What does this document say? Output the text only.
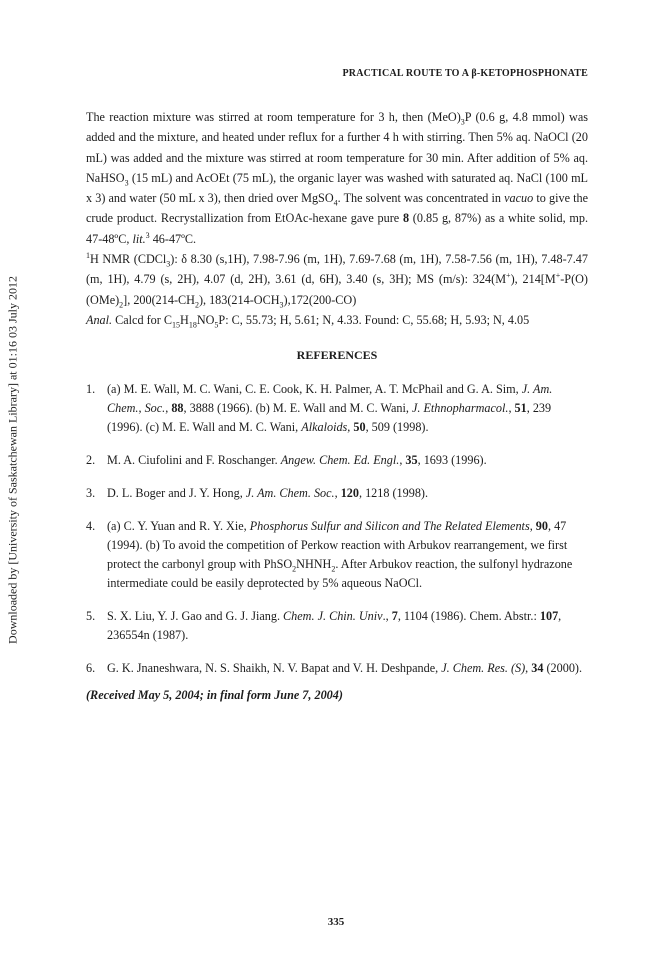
Downloaded by [University of Saskatchewan Library] at 01:16 03 July 2012
PRACTICAL ROUTE TO A β-KETOPHOSPHONATE

The reaction mixture was stirred at room temperature for 3 h, then $(MeO)_3P$ (0.6 g, 4.8 mmol) was added and the mixture, and heated under reflux for a further 4 h with stirring. Then 5% aq. NaOCl (20 mL) was added and the mixture was stirred at room temperature for 30 min. After addition of 5% aq. NaHSO$_3$ (15 mL) and AcOEt (75 mL), the organic layer was washed with saturated aq. NaCl (100 mL x 3) and water (50 mL x 3), then dried over MgSO$_4$. The solvent was concentrated in vacuo to give the crude product. Recrystallization from EtOAc-hexane gave pure 8 (0.85 g, 87%) as a white solid, mp. 47-48ºC, lit.$^3$ 46-47ºC.

$^1$H NMR (CDCl$_3$): δ 8.30 (s,1H), 7.98-7.96 (m, 1H), 7.69-7.68 (m, 1H), 7.58-7.56 (m, 1H), 7.48-7.47 (m, 1H), 4.79 (s, 2H), 4.07 (d, 2H), 3.61 (d, 6H), 3.40 (s, 3H); MS (m/s): 324(M+), $214[M^+-P(O)(OMe)_2]$, $200(214-CH_2)$, $183(214-OCH_3),172(200-CO)$

Anal. Calcd for $C_{15}H_{18}NO_5P$: C, 55.73; H, 5.61; N, 4.33. Found: C, 55.68; H, 5.93; N, 4.05

REFERENCES
1. (a) M. E. Wall, M. C. Wani, C. E. Cook, K. H. Palmer, A. T. McPhail and G. A. Sim, J. Am. Chem., Soc., 88, 3888 (1966). (b) M. E. Wall and M. C. Wani, J. Ethnopharmacol., 51, 239 (1996). (c) M. E. Wall and M. C. Wani, Alkaloids, 50, 509 (1998).
2. M. A. Ciufolini and F. Roschanger. Angew. Chem. Ed. Engl., 35, 1693 (1996).
3. D. L. Boger and J. Y. Hong, J. Am. Chem. Soc., 120, 1218 (1998).
4. (a) C. Y. Yuan and R. Y. Xie, Phosphorus Sulfur and Silicon and The Related Elements, 90, 47 (1994). (b) To avoid the competition of Perkow reaction with Arbukov rearrangement, we first protect the carbonyl group with $PhSO_2NHNH_2$. After Arbukov reaction, the sulfonyl hydrazone intermediate could be easily deprotected by 5% aqueous NaOCl.
5. S. X. Liu, Y. J. Gao and G. J. Jiang. Chem. J. Chin. Univ., 7, 1104 (1986). Chem. Abstr.: 107, 236554n (1987).
6. G. K. Jnaneshwara, N. S. Shaikh, N. V. Bapat and V. H. Deshpande, J. Chem. Res. (S), 34 (2000).
(Received May 5, 2004; in final form June 7, 2004)
335
